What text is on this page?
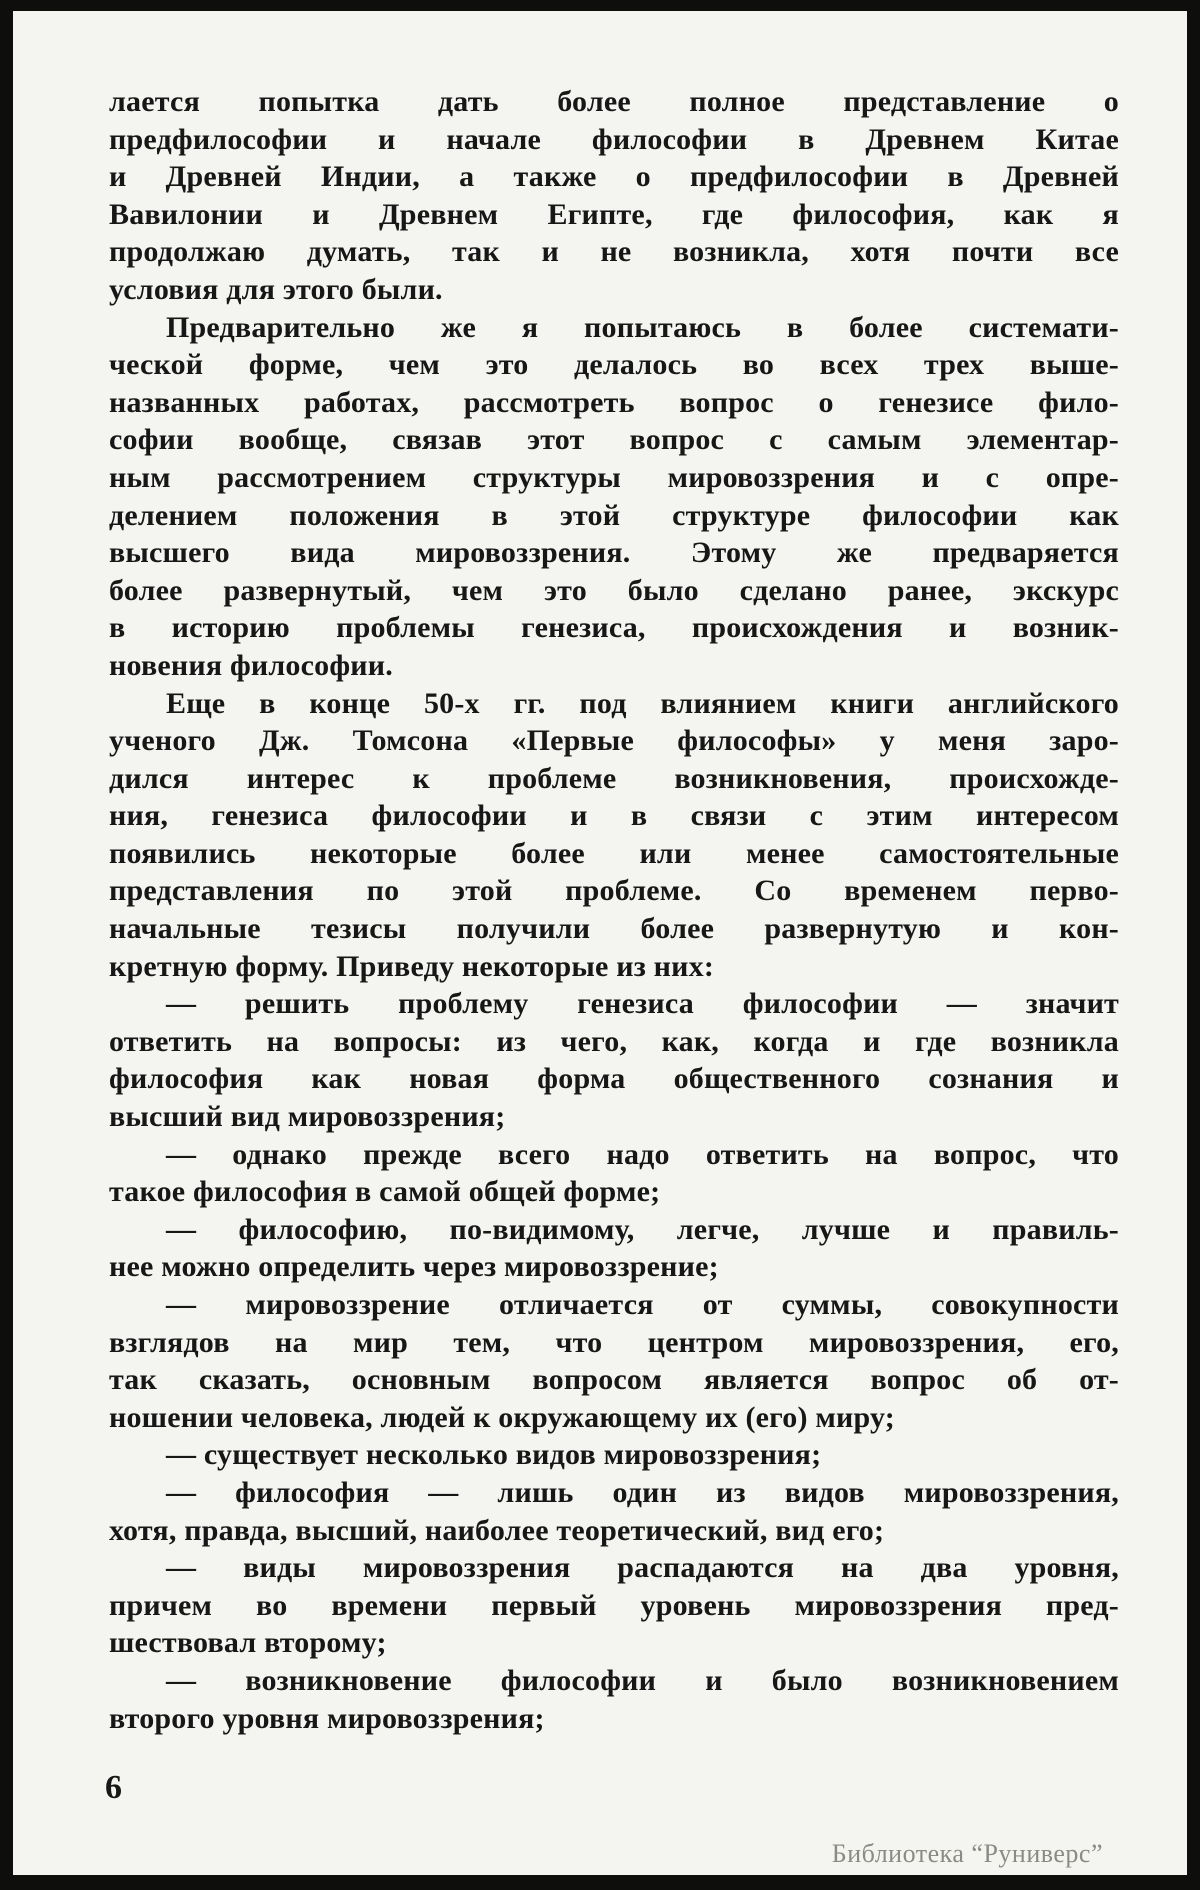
лается попытка дать более полное представление о
предфилософии и начале философии в Древнем Китае
и Древней Индии, а также о предфилософии в Древней
Вавилонии и Древнем Египте, где философия, как я
продолжаю думать, так и не возникла, хотя почти все
условия для этого были.
Предварительно же я попытаюсь в более системати-
ческой форме, чем это делалось во всех трех выше-
названных работах, рассмотреть вопрос о генезисе фило-
софии вообще, связав этот вопрос с самым элементар-
ным рассмотрением структуры мировоззрения и с опре-
делением положения в этой структуре философии как
высшего вида мировоззрения. Этому же предваряется
более развернутый, чем это было сделано ранее, экскурс
в историю проблемы генезиса, происхождения и возник-
новения философии.
Еще в конце 50-х гг. под влиянием книги английского
ученого Дж. Томсона «Первые философы» у меня заро-
дился интерес к проблеме возникновения, происхожде-
ния, генезиса философии и в связи с этим интересом
появились некоторые более или менее самостоятельные
представления по этой проблеме. Со временем перво-
начальные тезисы получили более развернутую и кон-
кретную форму. Приведу некоторые из них:
— решить проблему генезиса философии — значит
ответить на вопросы: из чего, как, когда и где возникла
философия как новая форма общественного сознания и
высший вид мировоззрения;
— однако прежде всего надо ответить на вопрос, что
такое философия в самой общей форме;
— философию, по-видимому, легче, лучше и правиль-
нее можно определить через мировоззрение;
— мировоззрение отличается от суммы, совокупности
взглядов на мир тем, что центром мировоззрения, его,
так сказать, основным вопросом является вопрос об от-
ношении человека, людей к окружающему их (его) миру;
— существует несколько видов мировоззрения;
— философия — лишь один из видов мировоззрения,
хотя, правда, высший, наиболее теоретический, вид его;
— виды мировоззрения распадаются на два уровня,
причем во времени первый уровень мировоззрения пред-
шествовал второму;
— возникновение философии и было возникновением
второго уровня мировоззрения;
6
Библиотека “Руниверс”
